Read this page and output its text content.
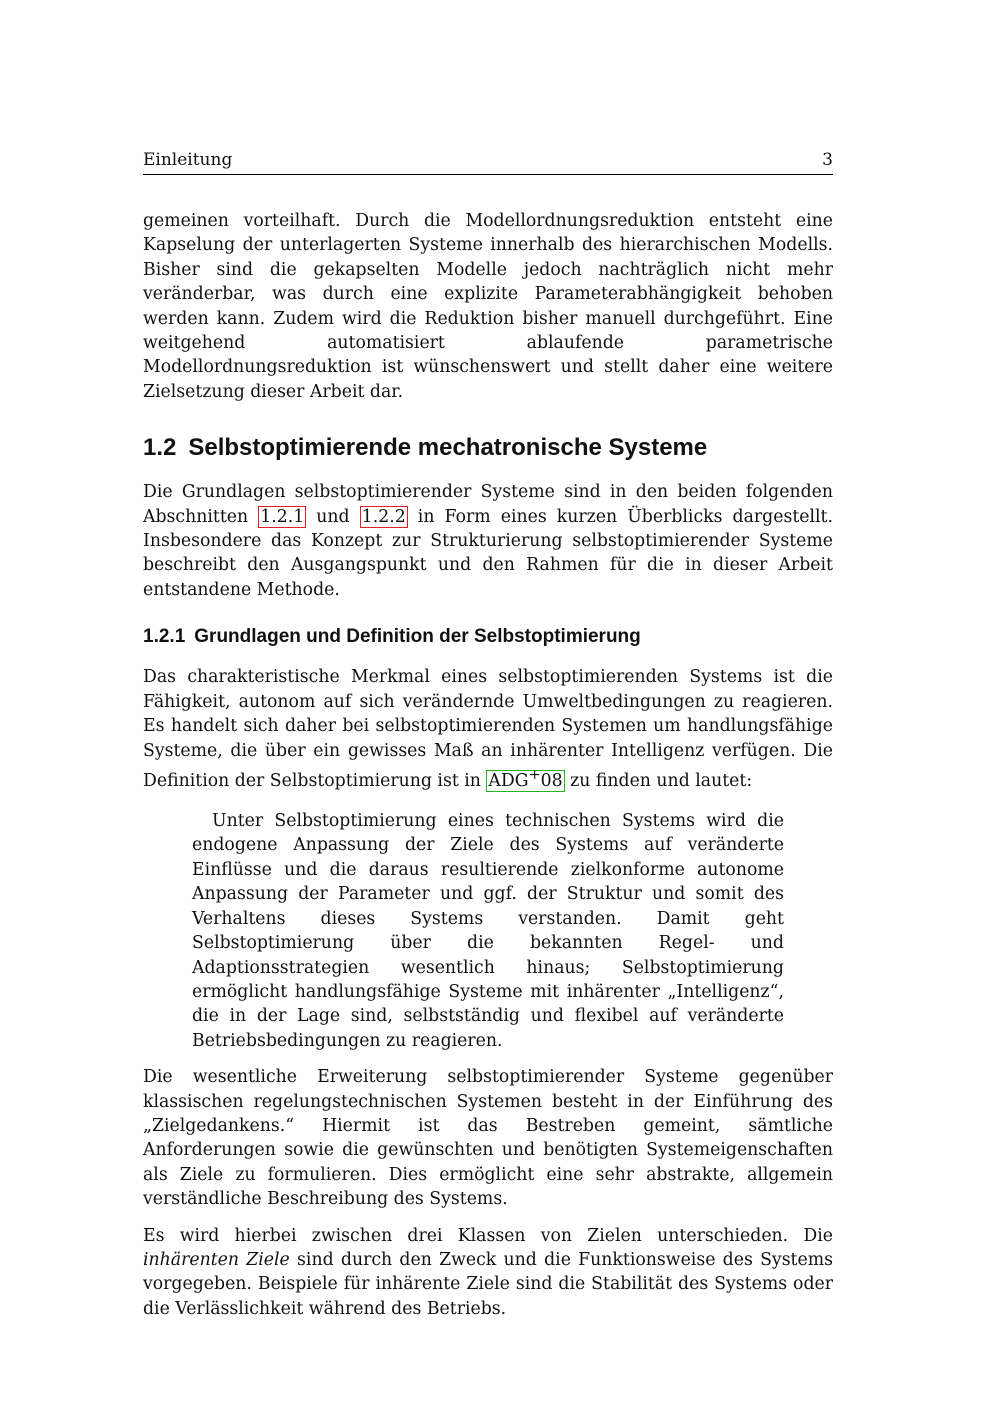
Einleitung	3

gemeinen vorteilhaft. Durch die Modellordnungsreduktion entsteht eine Kapselung der unterlagerten Systeme innerhalb des hierarchischen Modells. Bisher sind die gekapselten Modelle jedoch nachträglich nicht mehr veränderbar, was durch eine explizite Parameterabhängigkeit behoben werden kann. Zudem wird die Reduktion bisher manuell durchgeführt. Eine weitgehend automatisiert ablaufende parametrische Modellordnungsreduktion ist wünschenswert und stellt daher eine weitere Zielsetzung dieser Arbeit dar.

1.2 Selbstoptimierende mechatronische Systeme

Die Grundlagen selbstoptimierender Systeme sind in den beiden folgenden Abschnitten 1.2.1 und 1.2.2 in Form eines kurzen Überblicks dargestellt. Insbesondere das Konzept zur Strukturierung selbstoptimierender Systeme beschreibt den Ausgangspunkt und den Rahmen für die in dieser Arbeit entstandene Methode.

1.2.1 Grundlagen und Definition der Selbstoptimierung

Das charakteristische Merkmal eines selbstoptimierenden Systems ist die Fähigkeit, autonom auf sich verändernde Umweltbedingungen zu reagieren. Es handelt sich daher bei selbstoptimierenden Systemen um handlungsfähige Systeme, die über ein gewisses Maß an inhärenter Intelligenz verfügen. Die Definition der Selbstoptimierung ist in ADG+08 zu finden und lautet:

Unter Selbstoptimierung eines technischen Systems wird die endogene Anpassung der Ziele des Systems auf veränderte Einflüsse und die daraus resultierende zielkonforme autonome Anpassung der Parameter und ggf. der Struktur und somit des Verhaltens dieses Systems verstanden. Damit geht Selbstoptimierung über die bekannten Regel- und Adaptionsstrategien wesentlich hinaus; Selbstoptimierung ermöglicht handlungsfähige Systeme mit inhärenter „Intelligenz“, die in der Lage sind, selbstständig und flexibel auf veränderte Betriebsbedingungen zu reagieren.

Die wesentliche Erweiterung selbstoptimierender Systeme gegenüber klassischen regelungstechnischen Systemen besteht in der Einführung des „Zielgedankens.“ Hiermit ist das Bestreben gemeint, sämtliche Anforderungen sowie die gewünschten und benötigten Systemeigenschaften als Ziele zu formulieren. Dies ermöglicht eine sehr abstrakte, allgemein verständliche Beschreibung des Systems.

Es wird hierbei zwischen drei Klassen von Zielen unterschieden. Die inhärenten Ziele sind durch den Zweck und die Funktionsweise des Systems vorgegeben. Beispiele für inhärente Ziele sind die Stabilität des Systems oder die Verlässlichkeit während des Betriebs.
